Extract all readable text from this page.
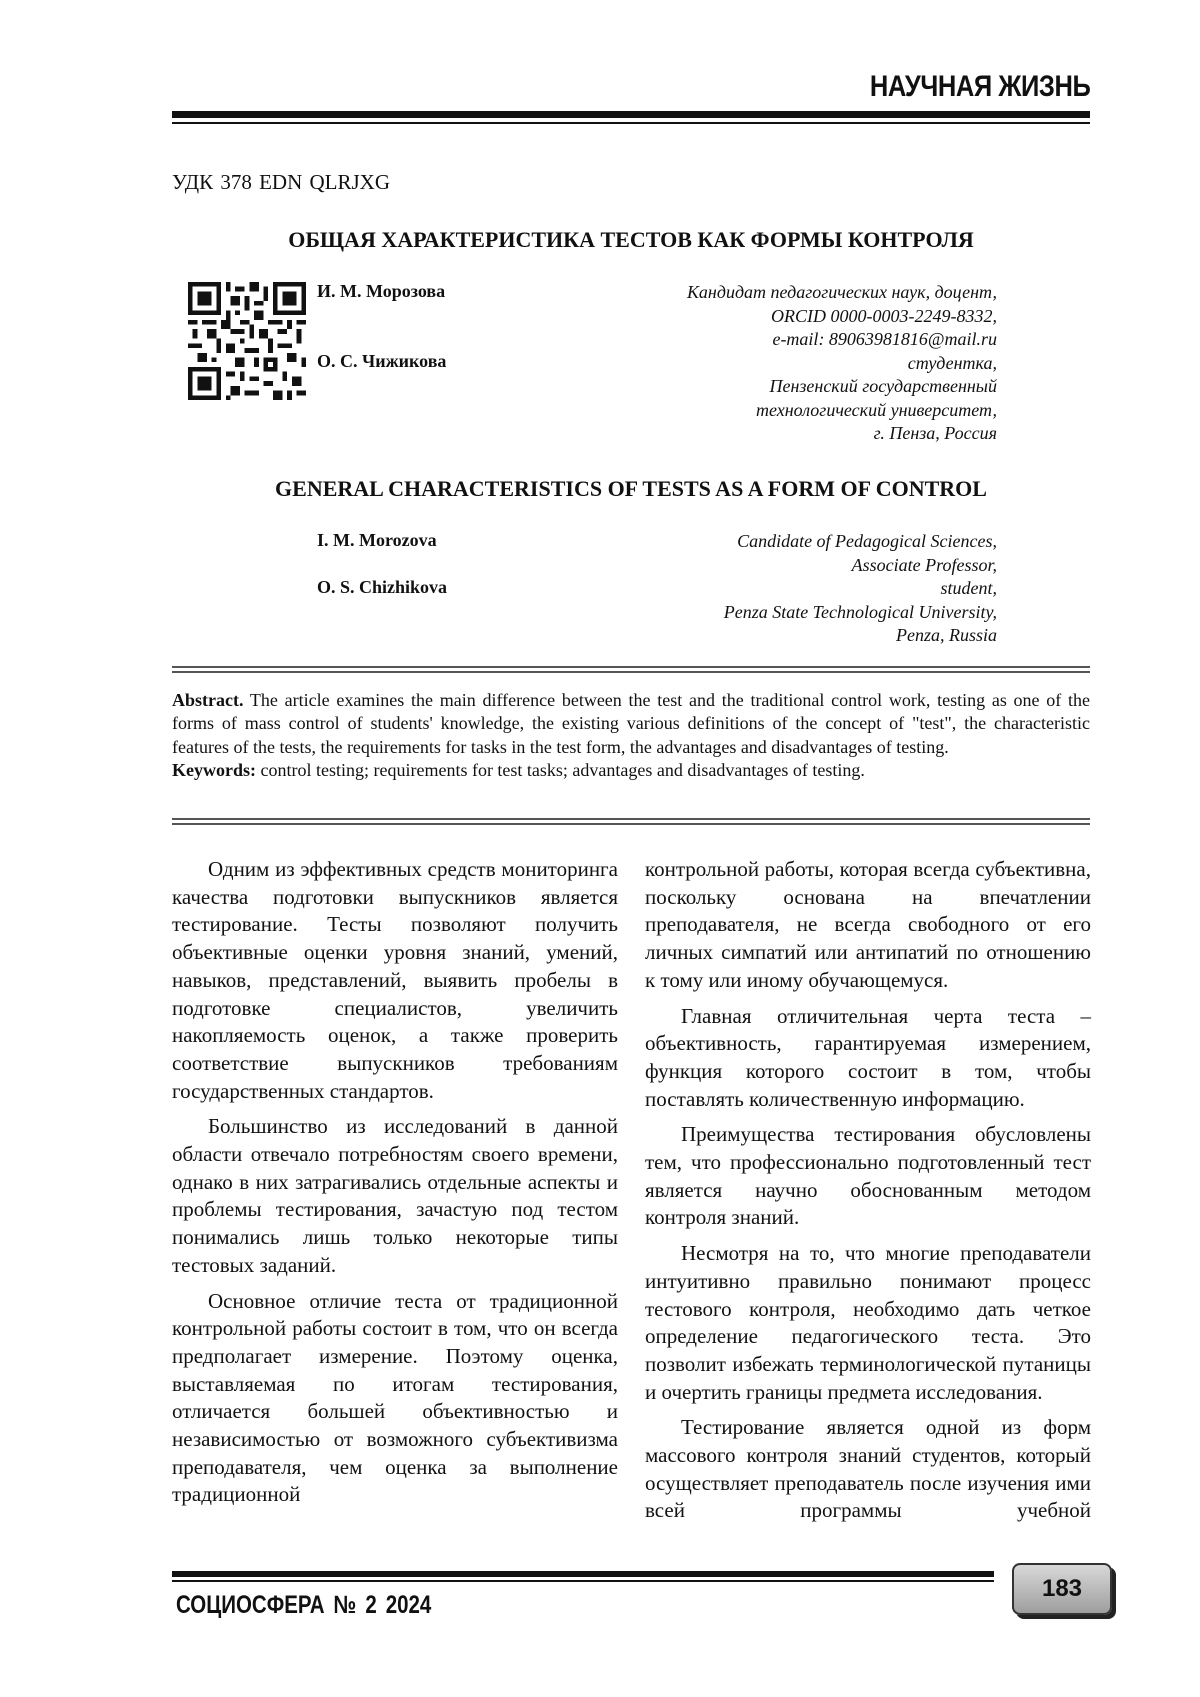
НАУЧНАЯ ЖИЗНЬ
УДК 378 EDN QLRJXG
ОБЩАЯ ХАРАКТЕРИСТИКА ТЕСТОВ КАК ФОРМЫ КОНТРОЛЯ
И. М. Морозова
О. С. Чижикова
Кандидат педагогических наук, доцент,
ORCID 0000-0003-2249-8332,
e-mail: 89063981816@mail.ru
студентка,
Пензенский государственный
технологический университет,
г. Пенза, Россия
GENERAL CHARACTERISTICS OF TESTS AS A FORM OF CONTROL
I. M. Morozova
O. S. Chizhikova
Candidate of Pedagogical Sciences,
Associate Professor,
student,
Penza State Technological University,
Penza, Russia
Abstract. The article examines the main difference between the test and the traditional control work, testing as one of the forms of mass control of students' knowledge, the existing various definitions of the concept of "test", the characteristic features of the tests, the requirements for tasks in the test form, the advantages and disadvantages of testing.
Keywords: control testing; requirements for test tasks; advantages and disadvantages of testing.

Одним из эффективных средств мониторинга качества подготовки выпускников является тестирование. Тесты позволяют получить объективные оценки уровня знаний, умений, навыков, представлений, выявить пробелы в подготовке специалистов, увеличить накопляемость оценок, а также проверить соответствие выпускников требованиям государственных стандартов.

Большинство из исследований в данной области отвечало потребностям своего времени, однако в них затрагивались отдельные аспекты и проблемы тестирования, зачастую под тестом понимались лишь только некоторые типы тестовых заданий.

Основное отличие теста от традиционной контрольной работы состоит в том, что он всегда предполагает измерение. Поэтому оценка, выставляемая по итогам тестирования, отличается большей объективностью и независимостью от возможного субъективизма преподавателя, чем оценка за выполнение традиционной

контрольной работы, которая всегда субъективна, поскольку основана на впечатлении преподавателя, не всегда свободного от его личных симпатий или антипатий по отношению к тому или иному обучающемуся.

Главная отличительная черта теста – объективность, гарантируемая измерением, функция которого состоит в том, чтобы поставлять количественную информацию.

Преимущества тестирования обусловлены тем, что профессионально подготовленный тест является научно обоснованным методом контроля знаний.

Несмотря на то, что многие преподаватели интуитивно правильно понимают процесс тестового контроля, необходимо дать четкое определение педагогического теста. Это позволит избежать терминологической путаницы и очертить границы предмета исследования.

Тестирование является одной из форм массового контроля знаний студентов, который осуществляет преподаватель после изучения ими всей программы учебной

СОЦИОСФЕРА № 2 2024
183
